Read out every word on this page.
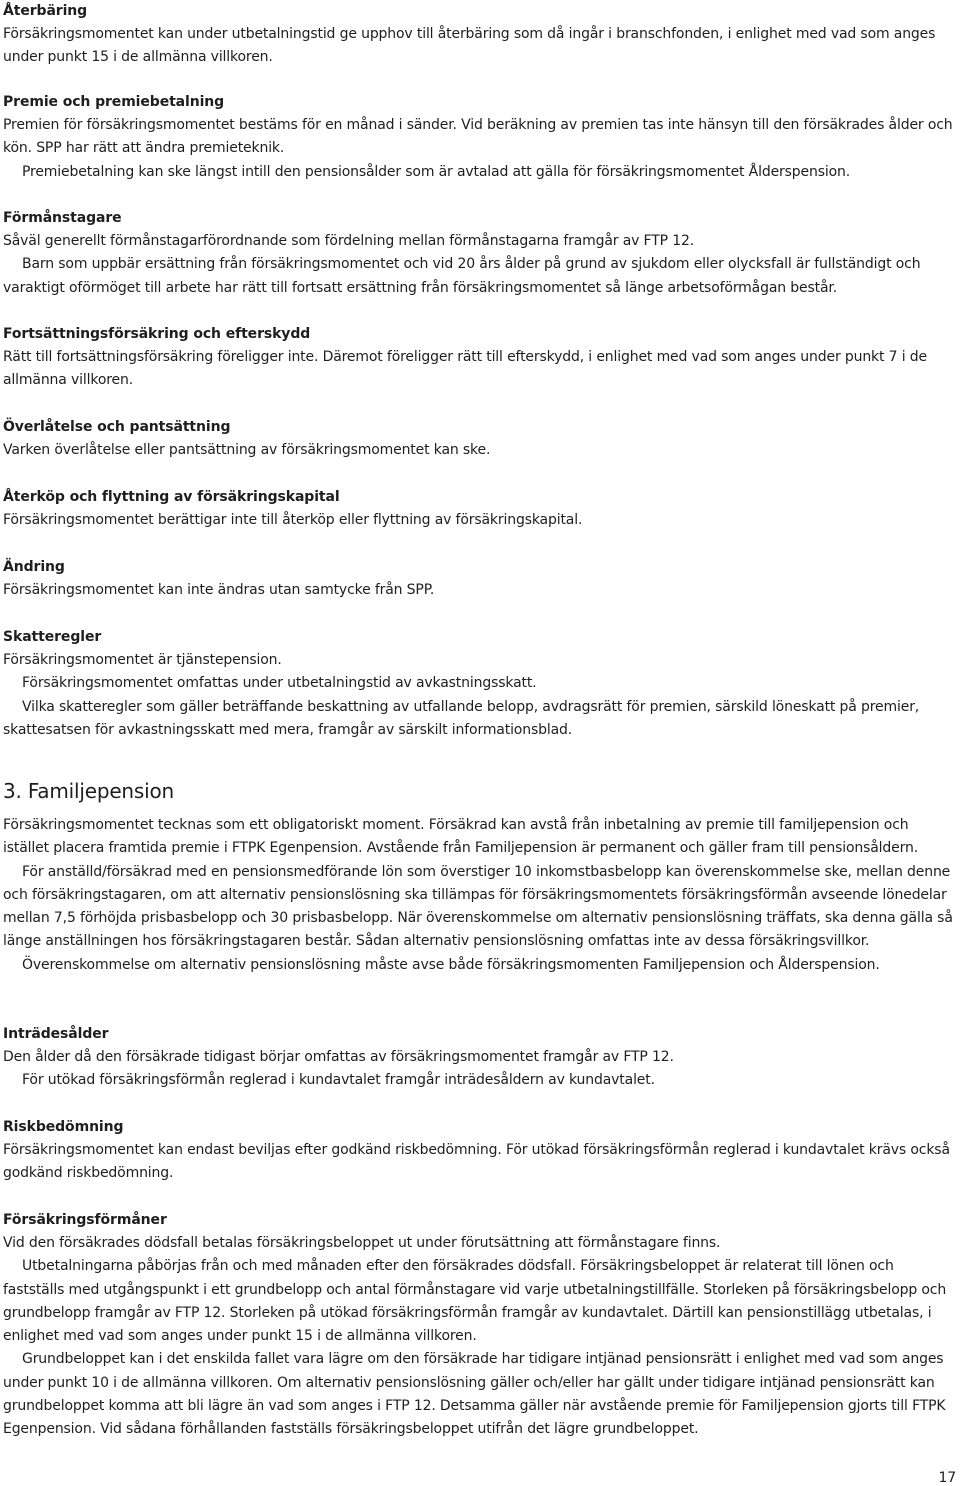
Återbäring

Försäkringsmomentet kan under utbetalningstid ge upphov till återbäring som då ingår i branschfonden, i enlighet med vad som anges under punkt 15 i de allmänna villkoren.

Premie och premiebetalning

Premien för försäkringsmomentet bestäms för en månad i sänder. Vid beräkning av premien tas inte hänsyn till den försäkrades ålder och kön. SPP har rätt att ändra premieteknik.

Premiebetalning kan ske längst intill den pensionsålder som är avtalad att gälla för försäkringsmomentet Ålderspension.

Förmånstagare

Såväl generellt förmånstagarförordnande som fördelning mellan förmånstagarna framgår av FTP 12.

Barn som uppbär ersättning från försäkringsmomentet och vid 20 års ålder på grund av sjukdom eller olycksfall är fullständigt och varaktigt oförmöget till arbete har rätt till fortsatt ersättning från försäkringsmomentet så länge arbetsoförmågan består.

Fortsättningsförsäkring och efterskydd

Rätt till fortsättningsförsäkring föreligger inte. Däremot föreligger rätt till efterskydd, i enlighet med vad som anges under punkt 7 i de allmänna villkoren.

Överlåtelse och pantsättning

Varken överlåtelse eller pantsättning av försäkringsmomentet kan ske.

Återköp och flyttning av försäkringskapital

Försäkringsmomentet berättigar inte till återköp eller flyttning av försäkringskapital.

Ändring

Försäkringsmomentet kan inte ändras utan samtycke från SPP.

Skatteregler

Försäkringsmomentet är tjänstepension.

Försäkringsmomentet omfattas under utbetalningstid av avkastningsskatt.

Vilka skatteregler som gäller beträffande beskattning av utfallande belopp, avdragsrätt för premien, särskild löneskatt på premier, skattesatsen för avkastningsskatt med mera, framgår av särskilt informationsblad.

3. Familjepension

Försäkringsmomentet tecknas som ett obligatoriskt moment. Försäkrad kan avstå från inbetalning av premie till familjepension och istället placera framtida premie i FTPK Egenpension. Avstående från Familjepension är permanent och gäller fram till pensionsåldern.

För anställd/försäkrad med en pensionsmedförande lön som överstiger 10 inkomstbasbelopp kan överenskommelse ske, mellan denne och försäkringstagaren, om att alternativ pensionslösning ska tillämpas för försäkringsmomentets försäkringsförmån avseende lönedelar mellan 7,5 förhöjda prisbasbelopp och 30 prisbasbelopp. När överenskommelse om alternativ pensionslösning träffats, ska denna gälla så länge anställningen hos försäkringstagaren består. Sådan alternativ pensionslösning omfattas inte av dessa försäkringsvillkor.

Överenskommelse om alternativ pensionslösning måste avse både försäkringsmomenten Familjepension och Ålderspension.

Inträdesålder

Den ålder då den försäkrade tidigast börjar omfattas av försäkringsmomentet framgår av FTP 12.

För utökad försäkringsförmån reglerad i kundavtalet framgår inträdesåldern av kundavtalet.

Riskbedömning

Försäkringsmomentet kan endast beviljas efter godkänd riskbedömning. För utökad försäkringsförmån reglerad i kundavtalet krävs också godkänd riskbedömning.

Försäkringsförmåner

Vid den försäkrades dödsfall betalas försäkringsbeloppet ut under förutsättning att förmånstagare finns.

Utbetalningarna påbörjas från och med månaden efter den försäkrades dödsfall. Försäkringsbeloppet är relaterat till lönen och fastställs med utgångspunkt i ett grundbelopp och antal förmånstagare vid varje utbetalningstillfälle. Storleken på försäkringsbelopp och grundbelopp framgår av FTP 12. Storleken på utökad försäkringsförmån framgår av kundavtalet. Därtill kan pensionstillägg utbetalas, i enlighet med vad som anges under punkt 15 i de allmänna villkoren.

Grundbeloppet kan i det enskilda fallet vara lägre om den försäkrade har tidigare intjänad pensionsrätt i enlighet med vad som anges under punkt 10 i de allmänna villkoren. Om alternativ pensionslösning gäller och/eller har gällt under tidigare intjänad pensionsrätt kan grundbeloppet komma att bli lägre än vad som anges i FTP 12. Detsamma gäller när avstående premie för Familjepension gjorts till FTPK Egenpension. Vid sådana förhållanden fastställs försäkringsbeloppet utifrån det lägre grundbeloppet.

17
